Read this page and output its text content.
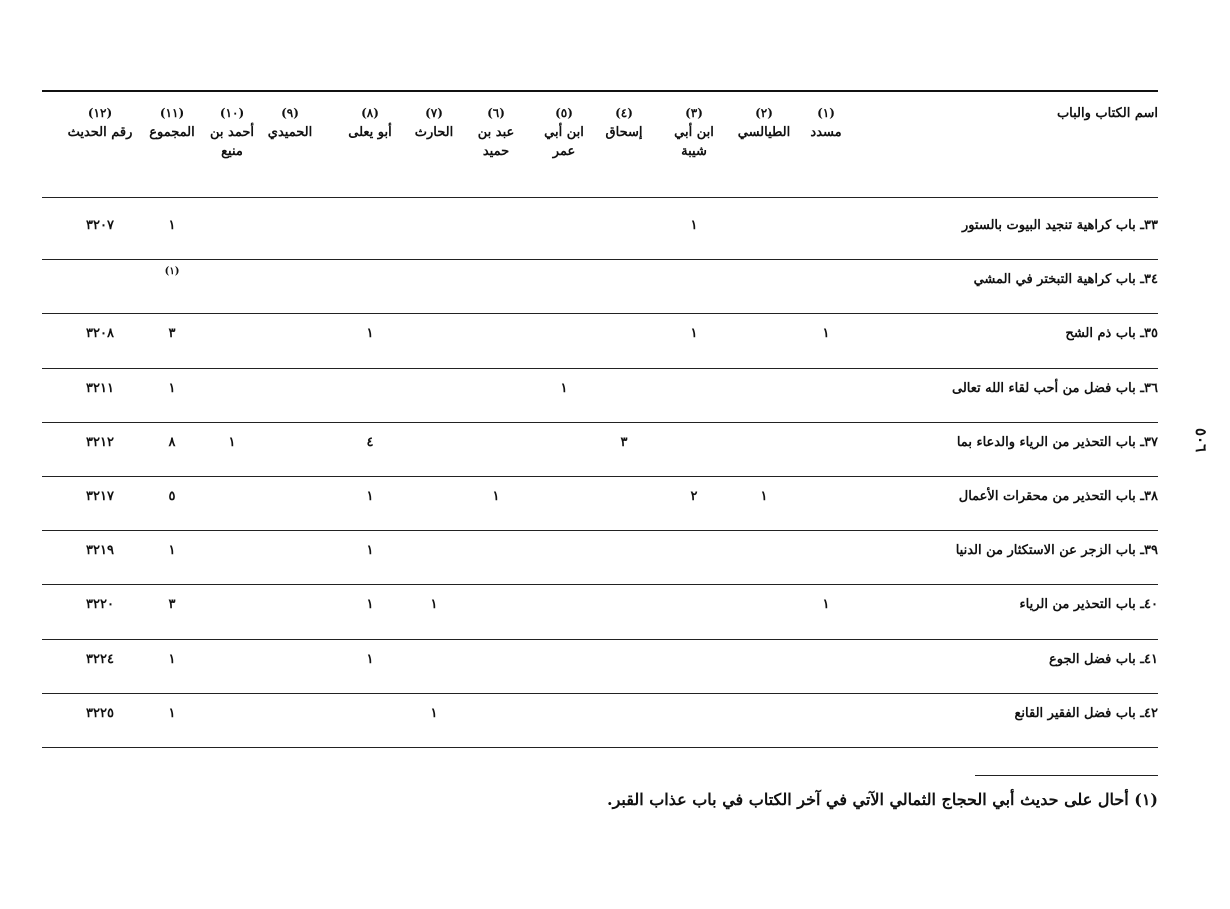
اسم الكتاب والباب
(١)
مسدد
(٢)
الطيالسي
(٣)
ابن أبي شيبة
(٤)
إسحاق
(٥)
ابن أبي عمر
(٦)
عبد بن حميد
(٧)
الحارث
(٨)
أبو يعلى
(٩)
الحميدي
(١٠)
أحمد بن منيع
(١١)
المجموع
(١٢)
رقم الحديث
٣٣ـ باب كراهية تنجيد البيوت بالستور
١
١
٣٢٠٧
٣٤ـ باب كراهية التبختر في المشي
(١)
٣٥ـ باب ذم الشح
١
١
١
٣
٣٢٠٨
٣٦ـ باب فضل من أحب لقاء الله تعالى
١
١
٣٢١١
٣٧ـ باب التحذير من الرياء والدعاء بما
٣
٤
١
٨
٣٢١٢
٣٨ـ باب التحذير من محقرات الأعمال
١
٢
١
١
٥
٣٢١٧
٣٩ـ باب الزجر عن الاستكثار من الدنيا
١
١
٣٢١٩
٤٠ـ باب التحذير من الرياء
١
١
١
٣
٣٢٢٠
٤١ـ باب فضل الجوع
١
١
٣٢٢٤
٤٢ـ باب فضل الفقير القانع
١
١
٣٢٢٥
(١) أحال على حديث أبي الحجاج الثمالي الآتي في آخر الكتاب في باب عذاب القبر.
٥٠٦
